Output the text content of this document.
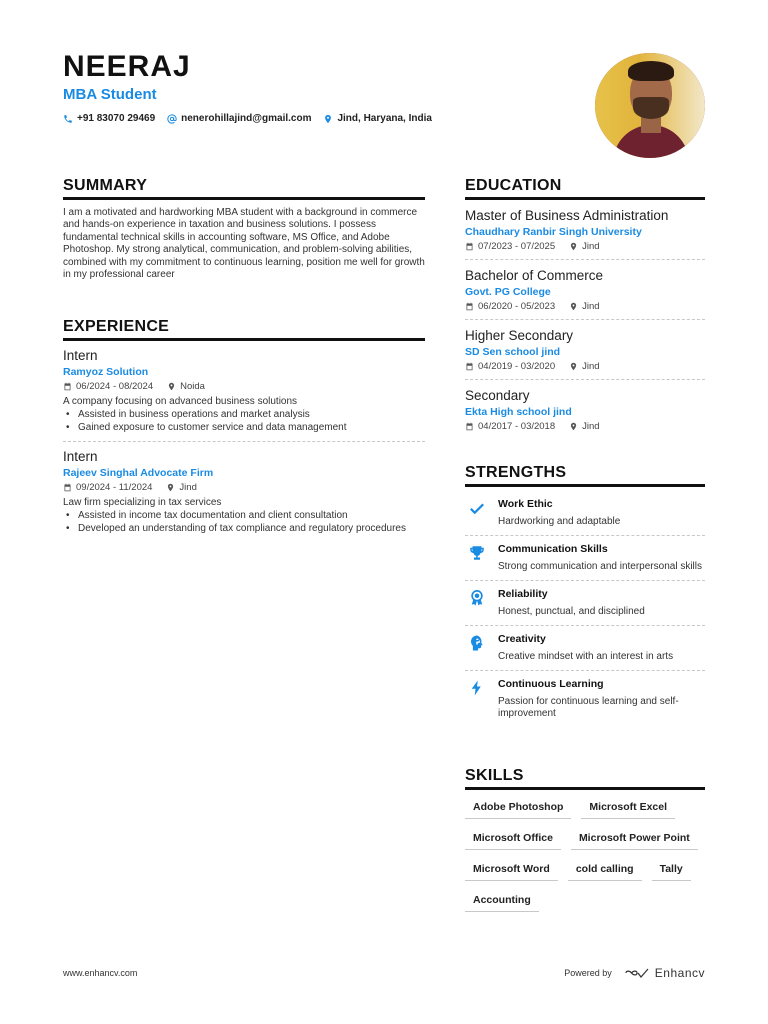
NEERAJ
MBA Student
+91 83070 29469	nenerohillajind@gmail.com	Jind, Haryana, India
SUMMARY

I am a motivated and hardworking MBA student with a background in commerce and hands-on experience in taxation and business solutions. I possess fundamental technical skills in accounting software, MS Office, and Adobe Photoshop. My strong analytical, communication, and problem-solving abilities, combined with my commitment to continuous learning, position me well for growth in my professional career

EXPERIENCE
Intern
Ramyoz Solution
06/2024 - 08/2024	Noida
A company focusing on advanced business solutions
• Assisted in business operations and market analysis
• Gained exposure to customer service and data management
Intern
Rajeev Singhal Advocate Firm
09/2024 - 11/2024	Jind
Law firm specializing in tax services
• Assisted in income tax documentation and client consultation
• Developed an understanding of tax compliance and regulatory procedures
EDUCATION
Master of Business Administration
Chaudhary Ranbir Singh University
07/2023 - 07/2025	Jind
Bachelor of Commerce
Govt. PG College
06/2020 - 05/2023	Jind
Higher Secondary
SD Sen school jind
04/2019 - 03/2020	Jind
Secondary
Ekta High school jind
04/2017 - 03/2018	Jind
STRENGTHS
Work Ethic
Hardworking and adaptable
Communication Skills
Strong communication and interpersonal skills
Reliability
Honest, punctual, and disciplined
Creativity
Creative mindset with an interest in arts
Continuous Learning
Passion for continuous learning and self-improvement
SKILLS
Adobe Photoshop	Microsoft Excel
Microsoft Office	Microsoft Power Point
Microsoft Word	cold calling	Tally
Accounting
www.enhancv.com	Powered by	Enhancv
